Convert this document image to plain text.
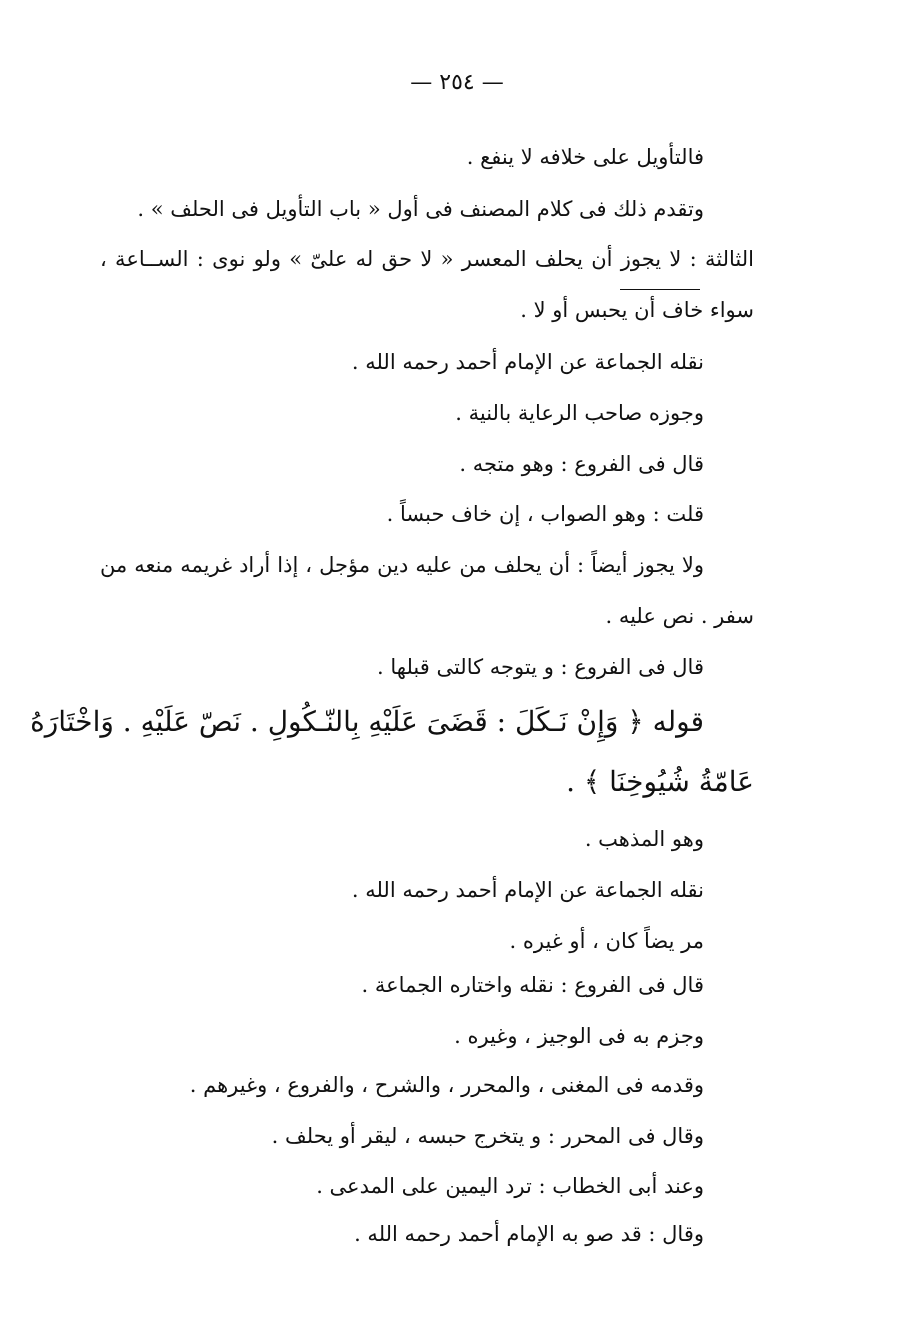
— ٢٥٤ —
فالتأويل على خلافه لا ينفع .
وتقدم ذلك فى كلام المصنف فى أول « باب التأويل فى الحلف » .
الثالثة : لا يجوز أن يحلف المعسر « لا حق له علىّ » ولو نوى : الســاعة ،
سواء خاف أن يحبس أو لا .
نقله الجماعة عن الإمام أحمد رحمه الله .
وجوزه صاحب الرعاية بالنية .
قال فى الفروع : وهو متجه .
قلت : وهو الصواب ، إن خاف حبساً .
ولا يجوز أيضاً : أن يحلف من عليه دين مؤجل ، إذا أراد غريمه منعه من
سفر . نص عليه .
قال فى الفروع : و يتوجه كالتى قبلها .
قوله ﴿ وَإِنْ نَـكَلَ : قَضَىَ عَلَيْهِ بِالنّـكُولِ . نَصّ عَلَيْهِ . وَاخْتَارَهُ
عَامّةُ شُيُوخِنَا ﴾ .
وهو المذهب .
نقله الجماعة عن الإمام أحمد رحمه الله .
مر يضاً كان ، أو غيره .
قال فى الفروع : نقله واختاره الجماعة .
وجزم به فى الوجيز ، وغيره .
وقدمه فى المغنى ، والمحرر ، والشرح ، والفروع ، وغيرهم .
وقال فى المحرر : و يتخرج حبسه ، ليقر أو يحلف .
وعند أبى الخطاب : ترد اليمين على المدعى .
وقال : قد صو به الإمام أحمد رحمه الله .
